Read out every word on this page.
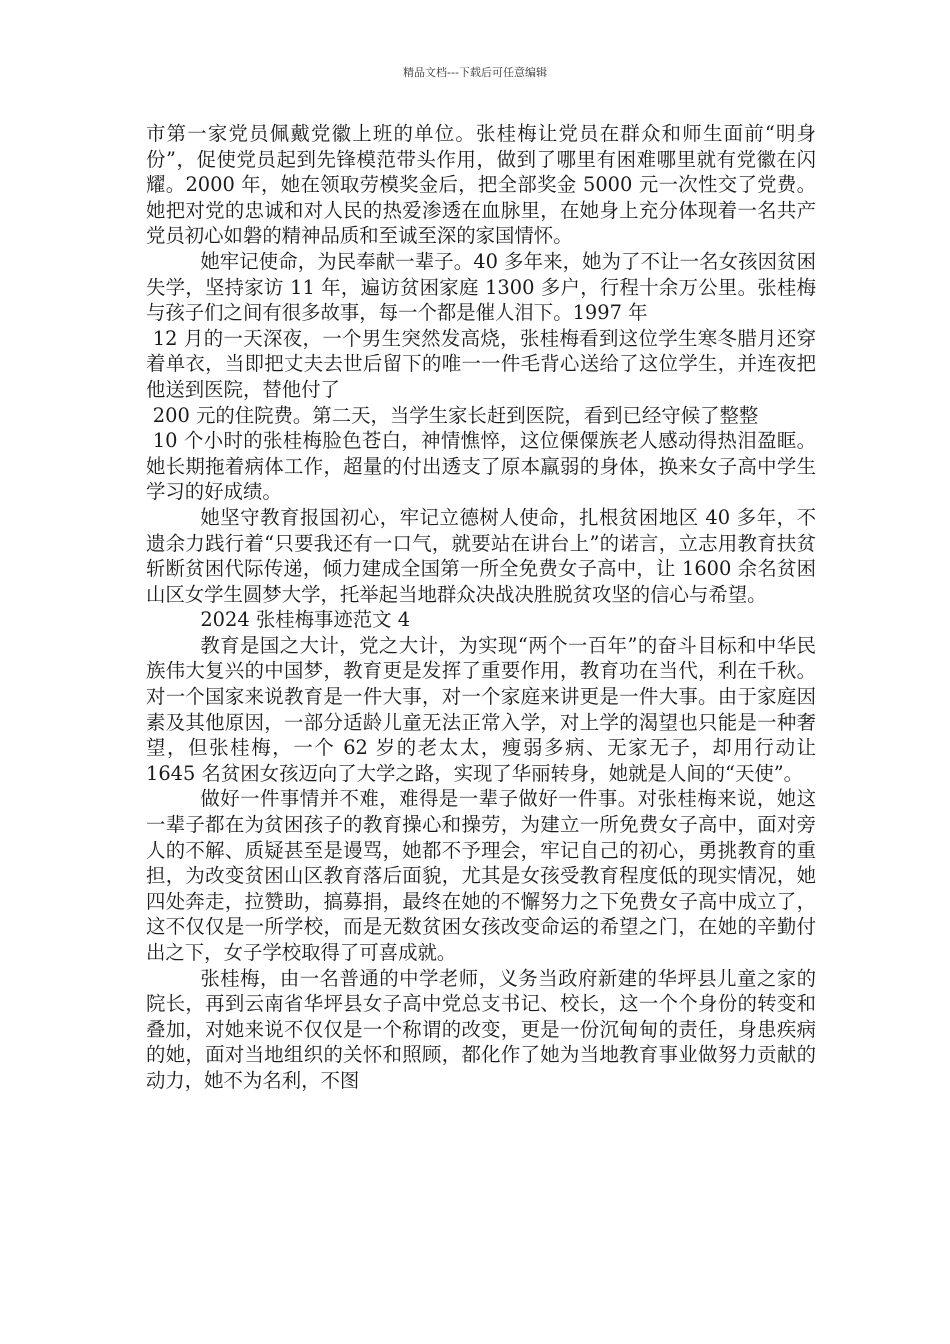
精品文档---下载后可任意编辑

市第一家党员佩戴党徽上班的单位。张桂梅让党员在群众和师生面前“明身份”，促使党员起到先锋模范带头作用，做到了哪里有困难哪里就有党徽在闪耀。2000 年，她在领取劳模奖金后，把全部奖金 5000 元一次性交了党费。她把对党的忠诚和对人民的热爱渗透在血脉里，在她身上充分体现着一名共产党员初心如磐的精神品质和至诚至深的家国情怀。

她牢记使命，为民奉献一辈子。40 多年来，她为了不让一名女孩因贫困失学，坚持家访 11 年，遍访贫困家庭 1300 多户，行程十余万公里。张桂梅与孩子们之间有很多故事，每一个都是催人泪下。1997 年

12 月的一天深夜，一个男生突然发高烧，张桂梅看到这位学生寒冬腊月还穿着单衣，当即把丈夫去世后留下的唯一一件毛背心送给了这位学生，并连夜把他送到医院，替他付了

200 元的住院费。第二天，当学生家长赶到医院，看到已经守候了整整

10 个小时的张桂梅脸色苍白，神情憔悴，这位傈僳族老人感动得热泪盈眶。她长期拖着病体工作，超量的付出透支了原本羸弱的身体，换来女子高中学生学习的好成绩。

她坚守教育报国初心，牢记立德树人使命，扎根贫困地区 40 多年，不遗余力践行着“只要我还有一口气，就要站在讲台上”的诺言，立志用教育扶贫斩断贫困代际传递，倾力建成全国第一所全免费女子高中，让 1600 余名贫困山区女学生圆梦大学，托举起当地群众决战决胜脱贫攻坚的信心与希望。

2024 张桂梅事迹范文 4

教育是国之大计，党之大计，为实现“两个一百年”的奋斗目标和中华民族伟大复兴的中国梦，教育更是发挥了重要作用，教育功在当代，利在千秋。对一个国家来说教育是一件大事，对一个家庭来讲更是一件大事。由于家庭因素及其他原因，一部分适龄儿童无法正常入学，对上学的渴望也只能是一种奢望，但张桂梅，一个 62 岁的老太太，瘦弱多病、无家无子，却用行动让 1645 名贫困女孩迈向了大学之路，实现了华丽转身，她就是人间的“天使”。

做好一件事情并不难，难得是一辈子做好一件事。对张桂梅来说，她这一辈子都在为贫困孩子的教育操心和操劳，为建立一所免费女子高中，面对旁人的不解、质疑甚至是谩骂，她都不予理会，牢记自己的初心，勇挑教育的重担，为改变贫困山区教育落后面貌，尤其是女孩受教育程度低的现实情况，她四处奔走，拉赞助，搞募捐，最终在她的不懈努力之下免费女子高中成立了，这不仅仅是一所学校，而是无数贫困女孩改变命运的希望之门，在她的辛勤付出之下，女子学校取得了可喜成就。

张桂梅，由一名普通的中学老师，义务当政府新建的华坪县儿童之家的院长，再到云南省华坪县女子高中党总支书记、校长，这一个个身份的转变和叠加，对她来说不仅仅是一个称谓的改变，更是一份沉甸甸的责任，身患疾病的她，面对当地组织的关怀和照顾，都化作了她为当地教育事业做努力贡献的动力，她不为名利，不图
